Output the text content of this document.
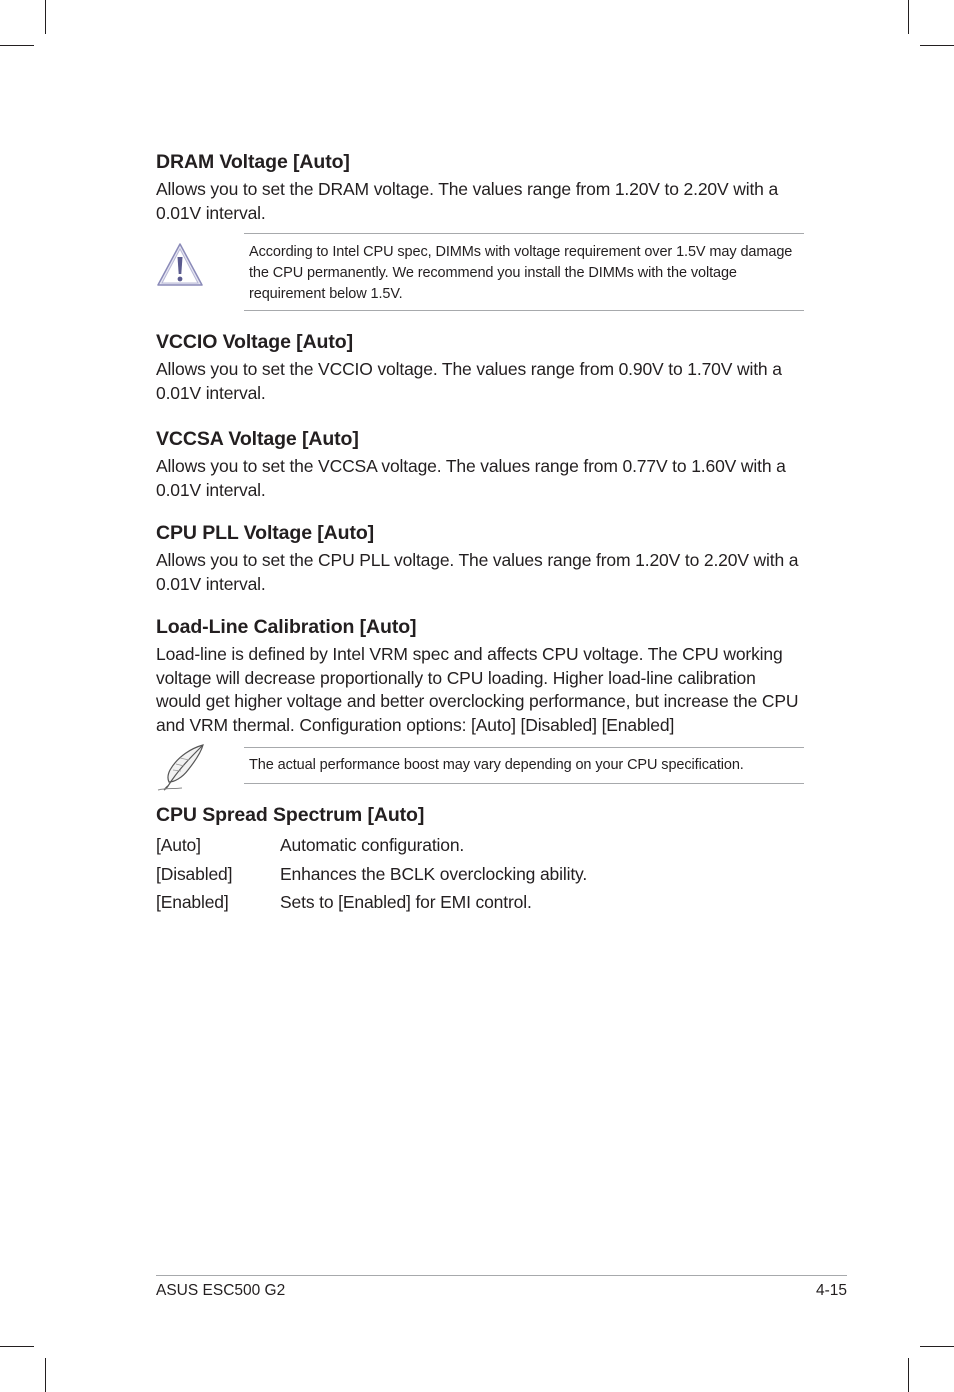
DRAM Voltage [Auto]

Allows you to set the DRAM voltage. The values range from 1.20V to 2.20V with a 0.01V interval.

According to Intel CPU spec, DIMMs with voltage requirement over 1.5V may damage the CPU permanently. We recommend you install the DIMMs with the voltage requirement below 1.5V.
VCCIO Voltage [Auto]

Allows you to set the VCCIO voltage. The values range from 0.90V to 1.70V with a 0.01V interval.

VCCSA Voltage [Auto]

Allows you to set the VCCSA voltage. The values range from 0.77V to 1.60V with a 0.01V interval.

CPU PLL Voltage [Auto]

Allows you to set the CPU PLL voltage. The values range from 1.20V to 2.20V with a 0.01V interval.

Load-Line Calibration [Auto]

Load-line is defined by Intel VRM spec and affects CPU voltage. The CPU working voltage will decrease proportionally to CPU loading. Higher load-line calibration would get higher voltage and better overclocking performance, but increase the CPU and VRM thermal. Configuration options: [Auto] [Disabled] [Enabled]

The actual performance boost may vary depending on your CPU specification.
CPU Spread Spectrum [Auto]
[Auto]	Automatic configuration.
[Disabled]	Enhances the BCLK overclocking ability.
[Enabled]	Sets to [Enabled] for EMI control.
ASUS ESC500 G2	4-15
